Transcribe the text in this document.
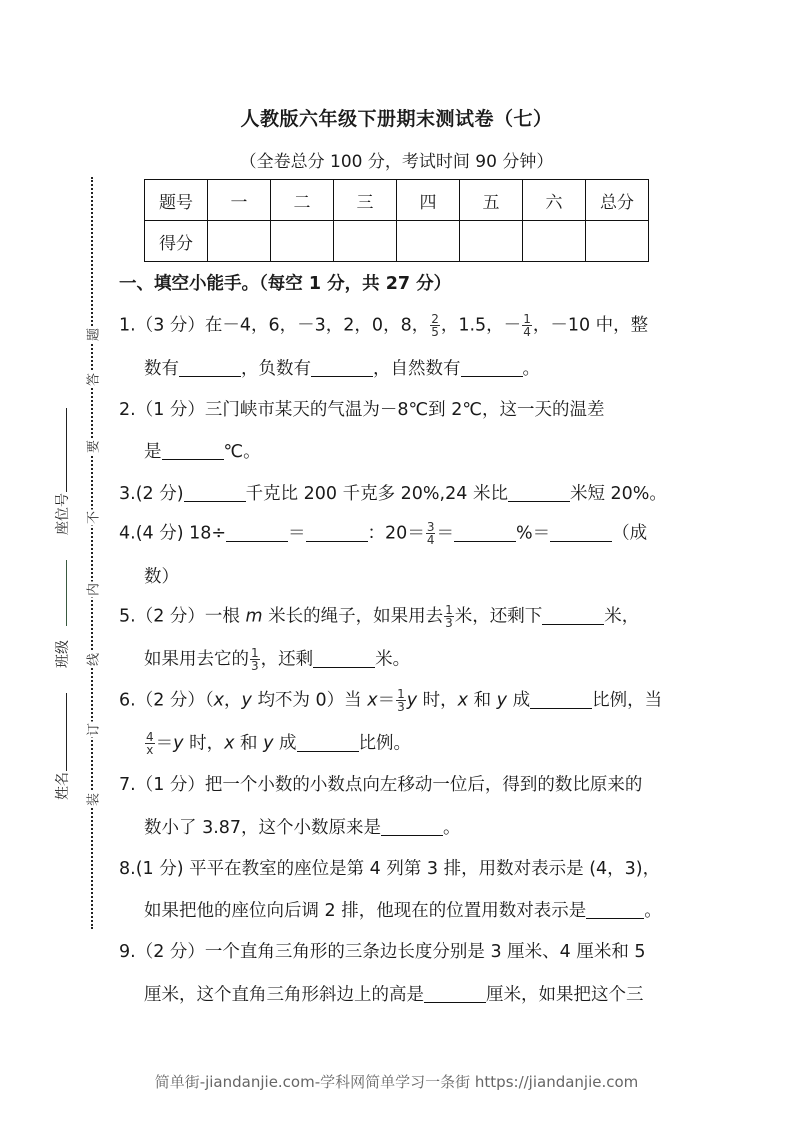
题
答
要
不
内
线
订
装
座位号
班级
姓名
人教版六年级下册期末测试卷（七）
（全卷总分 100 分，考试时间 90 分钟）
题号	一	二	三	四	五	六	总分
得分							
一、填空小能手。（每空 1 分，共 27 分）
1.（3 分）在－4，6，－3，2，0，8， $\frac{2}{5}$ ，1.5，－ $\frac{1}{4}$ ，－10 中，整
数有	，负数有	，自然数有	。
2.（1 分）三门峡市某天的气温为－8℃到 2℃，这一天的温差
是	℃。
3.(2 分)	千克比 200 千克多 20%,24 米比	米短 20%。
4.(4 分) 18÷	＝	：$20= \frac{3}{4}$ ＝	%＝	（成
数）
5.（2 分）一根 m 米长的绳子，如果用去 $\frac{1}{3}$ 米，还剩下	米，
如果用去它的 $\frac{1}{3}$ ，还剩	米。
6.（2 分）（x，y 均不为 0）当 $x= \frac{1}{3}$ y 时，x 和 y 成	比例，当
$\frac{4}{x} =y$ 时，x 和 y 成	比例。
7.（1 分）把一个小数的小数点向左移动一位后，得到的数比原来的
数小了 3.87，这个小数原来是	。
8.(1 分) 平平在教室的座位是第 4 列第 3 排，用数对表示是 (4，3)，
如果把他的座位向后调 2 排，他现在的位置用数对表示是	。
9.（2 分）一个直角三角形的三条边长度分别是 3 厘米、4 厘米和 5
厘米，这个直角三角形斜边上的高是	厘米，如果把这个三
简单街-jiandanjie.com-学科网简单学习一条街 https://jiandanjie.com
